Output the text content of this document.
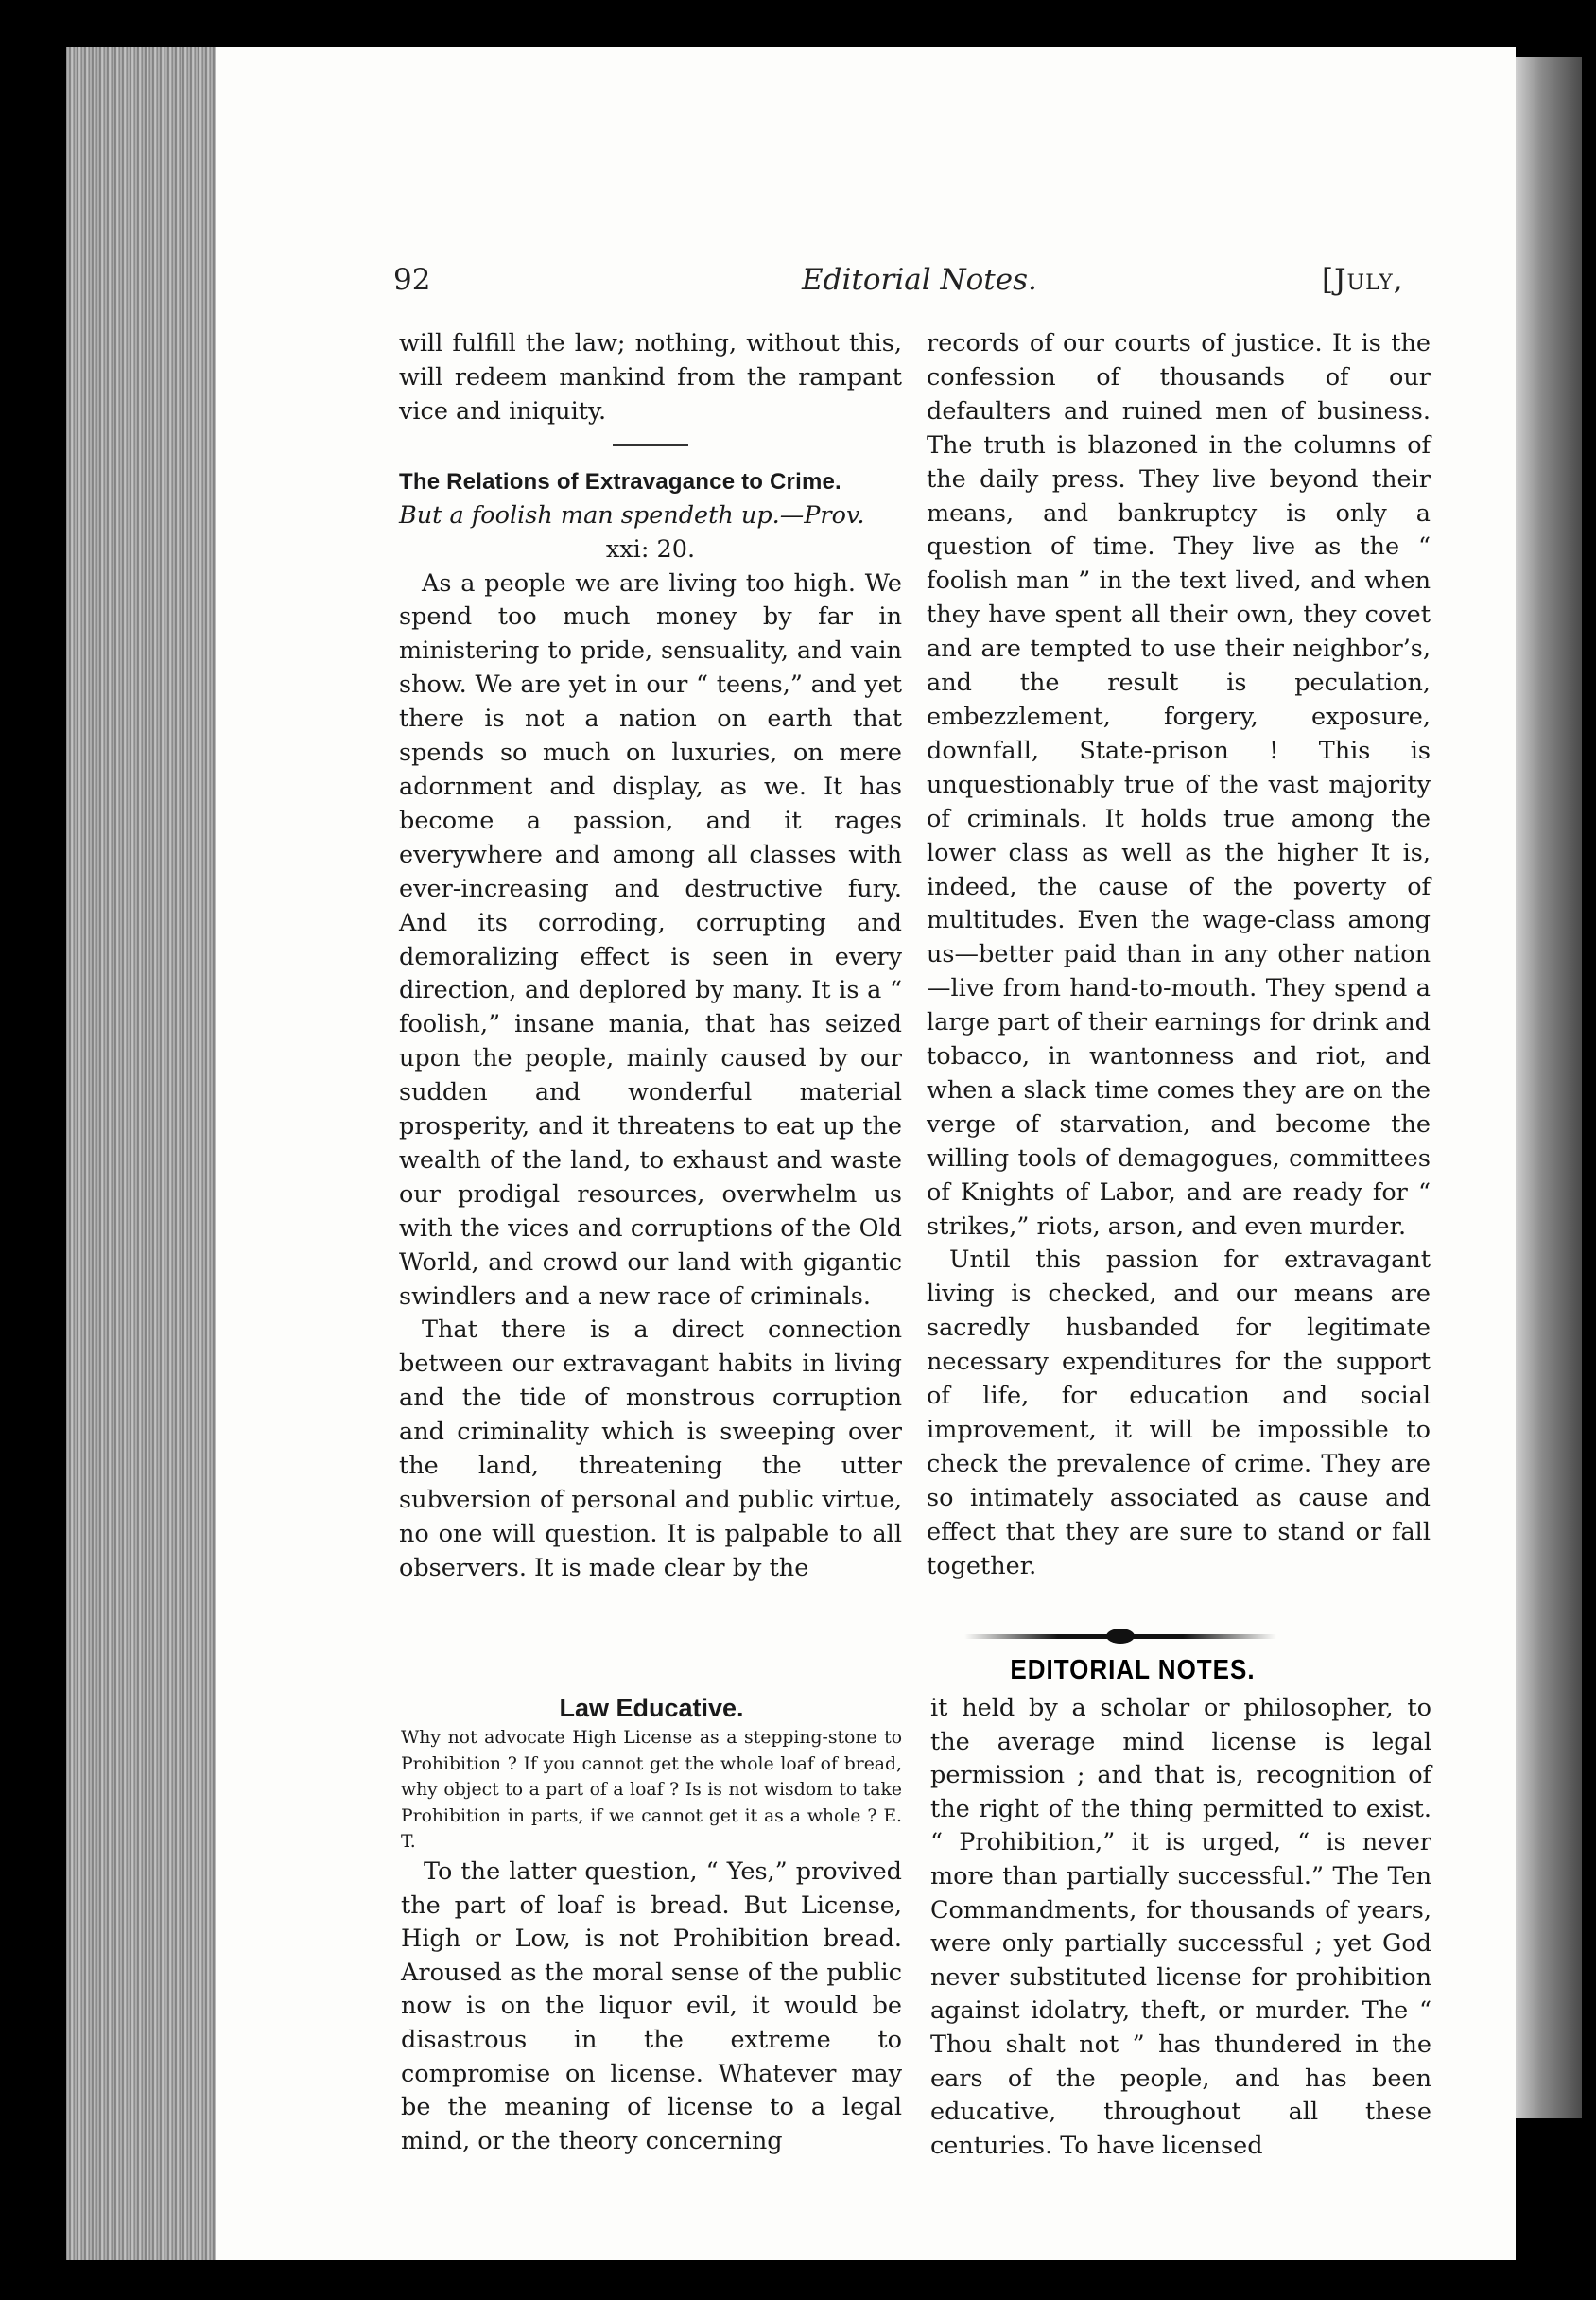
92	Editorial Notes.	[July,

will fulfill the law; nothing, without this, will redeem mankind from the rampant vice and iniquity.

The Relations of Extravagance to Crime.

But a foolish man spendeth up.—Prov.

xxi: 20.

As a people we are living too high. We spend too much money by far in ministering to pride, sensuality, and vain show. We are yet in our “ teens,” and yet there is not a nation on earth that spends so much on luxuries, on mere adornment and display, as we. It has become a passion, and it rages everywhere and among all classes with ever-increasing and destructive fury. And its corroding, corrupting and demoralizing effect is seen in every direction, and deplored by many. It is a “ foolish,” insane mania, that has seized upon the people, mainly caused by our sudden and wonderful material prosperity, and it threatens to eat up the wealth of the land, to exhaust and waste our prodigal resources, overwhelm us with the vices and corruptions of the Old World, and crowd our land with gigantic swindlers and a new race of criminals.

That there is a direct connection between our extravagant habits in living and the tide of monstrous corruption and criminality which is sweeping over the land, threatening the utter subversion of personal and public virtue, no one will question. It is palpable to all observers. It is made clear by the

records of our courts of justice. It is the confession of thousands of our defaulters and ruined men of business. The truth is blazoned in the columns of the daily press. They live beyond their means, and bankruptcy is only a question of time. They live as the “ foolish man ” in the text lived, and when they have spent all their own, they covet and are tempted to use their neighbor’s, and the result is peculation, embezzlement, forgery, exposure, downfall, State-prison ! This is unquestionably true of the vast majority of criminals. It holds true among the lower class as well as the higher It is, indeed, the cause of the poverty of multitudes. Even the wage-class among us—better paid than in any other nation—live from hand-to-mouth. They spend a large part of their earnings for drink and tobacco, in wantonness and riot, and when a slack time comes they are on the verge of starvation, and become the willing tools of demagogues, committees of Knights of Labor, and are ready for “ strikes,” riots, arson, and even murder.

Until this passion for extravagant living is checked, and our means are sacredly husbanded for legitimate necessary expenditures for the support of life, for education and social improvement, it will be impossible to check the prevalence of crime. They are so intimately associated as cause and effect that they are sure to stand or fall together.

EDITORIAL NOTES.

Law Educative.

Why not advocate High License as a stepping-stone to Prohibition ? If you cannot get the whole loaf of bread, why object to a part of a loaf ? Is is not wisdom to take Prohibition in parts, if we cannot get it as a whole ? E. T.

To the latter question, “ Yes,” provived the part of loaf is bread. But License, High or Low, is not Prohibition bread. Aroused as the moral sense of the public now is on the liquor evil, it would be disastrous in the extreme to compromise on license. Whatever may be the meaning of license to a legal mind, or the theory concerning

it held by a scholar or philosopher, to the average mind license is legal permission ; and that is, recognition of the right of the thing permitted to exist. “ Prohibition,” it is urged, “ is never more than partially successful.” The Ten Commandments, for thousands of years, were only partially successful ; yet God never substituted license for prohibition against idolatry, theft, or murder. The “ Thou shalt not ” has thundered in the ears of the people, and has been educative, throughout all these centuries. To have licensed
